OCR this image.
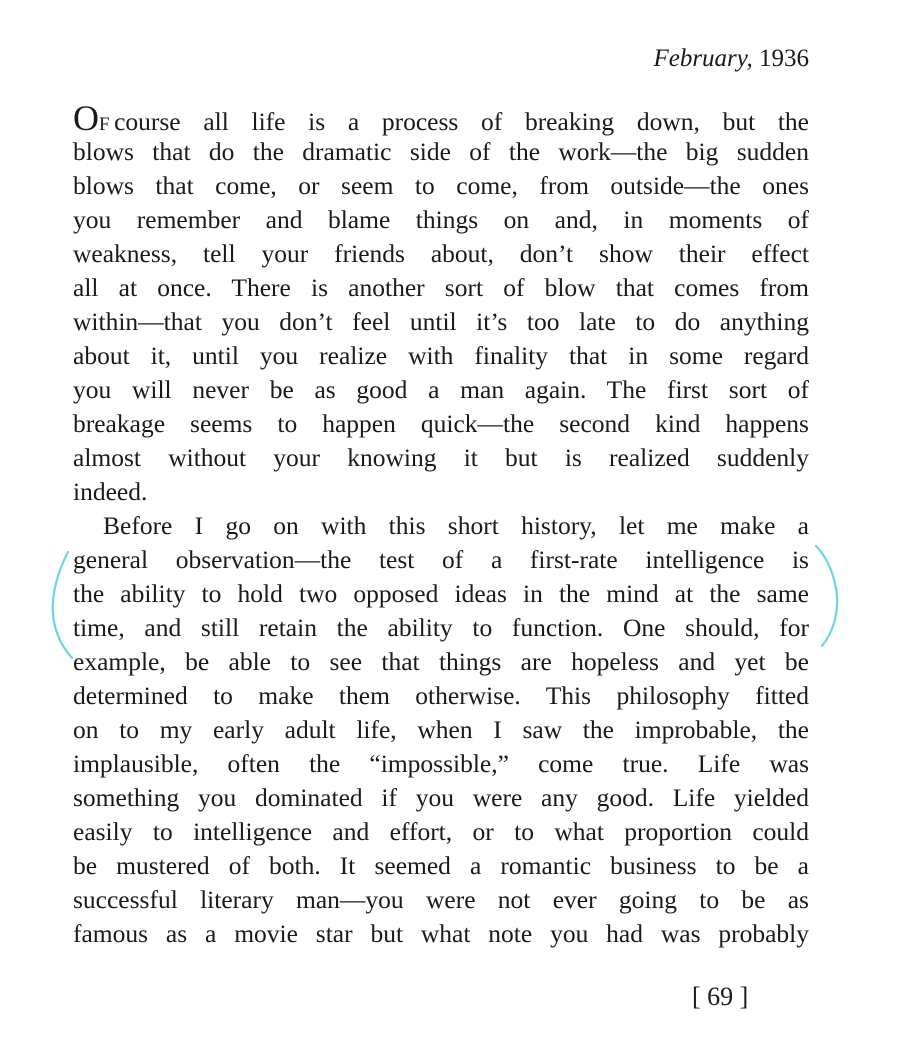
February, 1936
OF course all life is a process of breaking down, but the
blows that do the dramatic side of the work—the big sudden
blows that come, or seem to come, from outside—the ones
you remember and blame things on and, in moments of
weakness, tell your friends about, don’t show their effect
all at once. There is another sort of blow that comes from
within—that you don’t feel until it’s too late to do anything
about it, until you realize with finality that in some regard
you will never be as good a man again. The first sort of
breakage seems to happen quick—the second kind happens
almost without your knowing it but is realized suddenly
indeed.
Before I go on with this short history, let me make a
general observation—the test of a first-rate intelligence is
the ability to hold two opposed ideas in the mind at the same
time, and still retain the ability to function. One should, for
example, be able to see that things are hopeless and yet be
determined to make them otherwise. This philosophy fitted
on to my early adult life, when I saw the improbable, the
implausible, often the “impossible,” come true. Life was
something you dominated if you were any good. Life yielded
easily to intelligence and effort, or to what proportion could
be mustered of both. It seemed a romantic business to be a
successful literary man—you were not ever going to be as
famous as a movie star but what note you had was probably
[ 69 ]
